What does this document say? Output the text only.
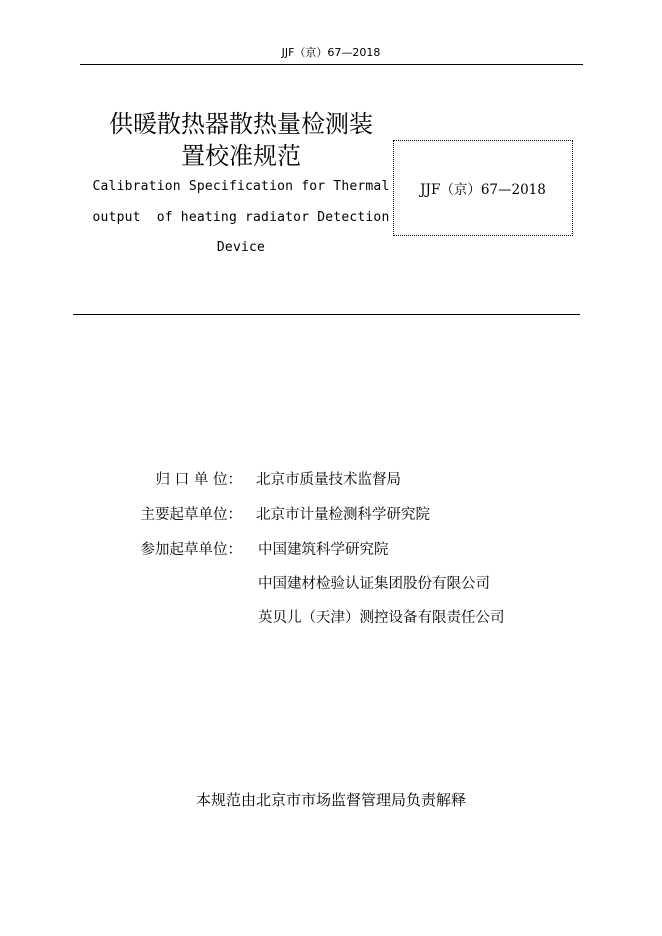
JJF（京）67—2018
供暖散热器散热量检测装
置校准规范
Calibration Specification for Thermal
output  of heating radiator Detection
Device
JJF（京）67—2018
归 口 单 位： 北京市质量技术监督局
主要起草单位： 北京市计量检测科学研究院
参加起草单位： 中国建筑科学研究院
中国建材检验认证集团股份有限公司
英贝儿（天津）测控设备有限责任公司
本规范由北京市市场监督管理局负责解释
